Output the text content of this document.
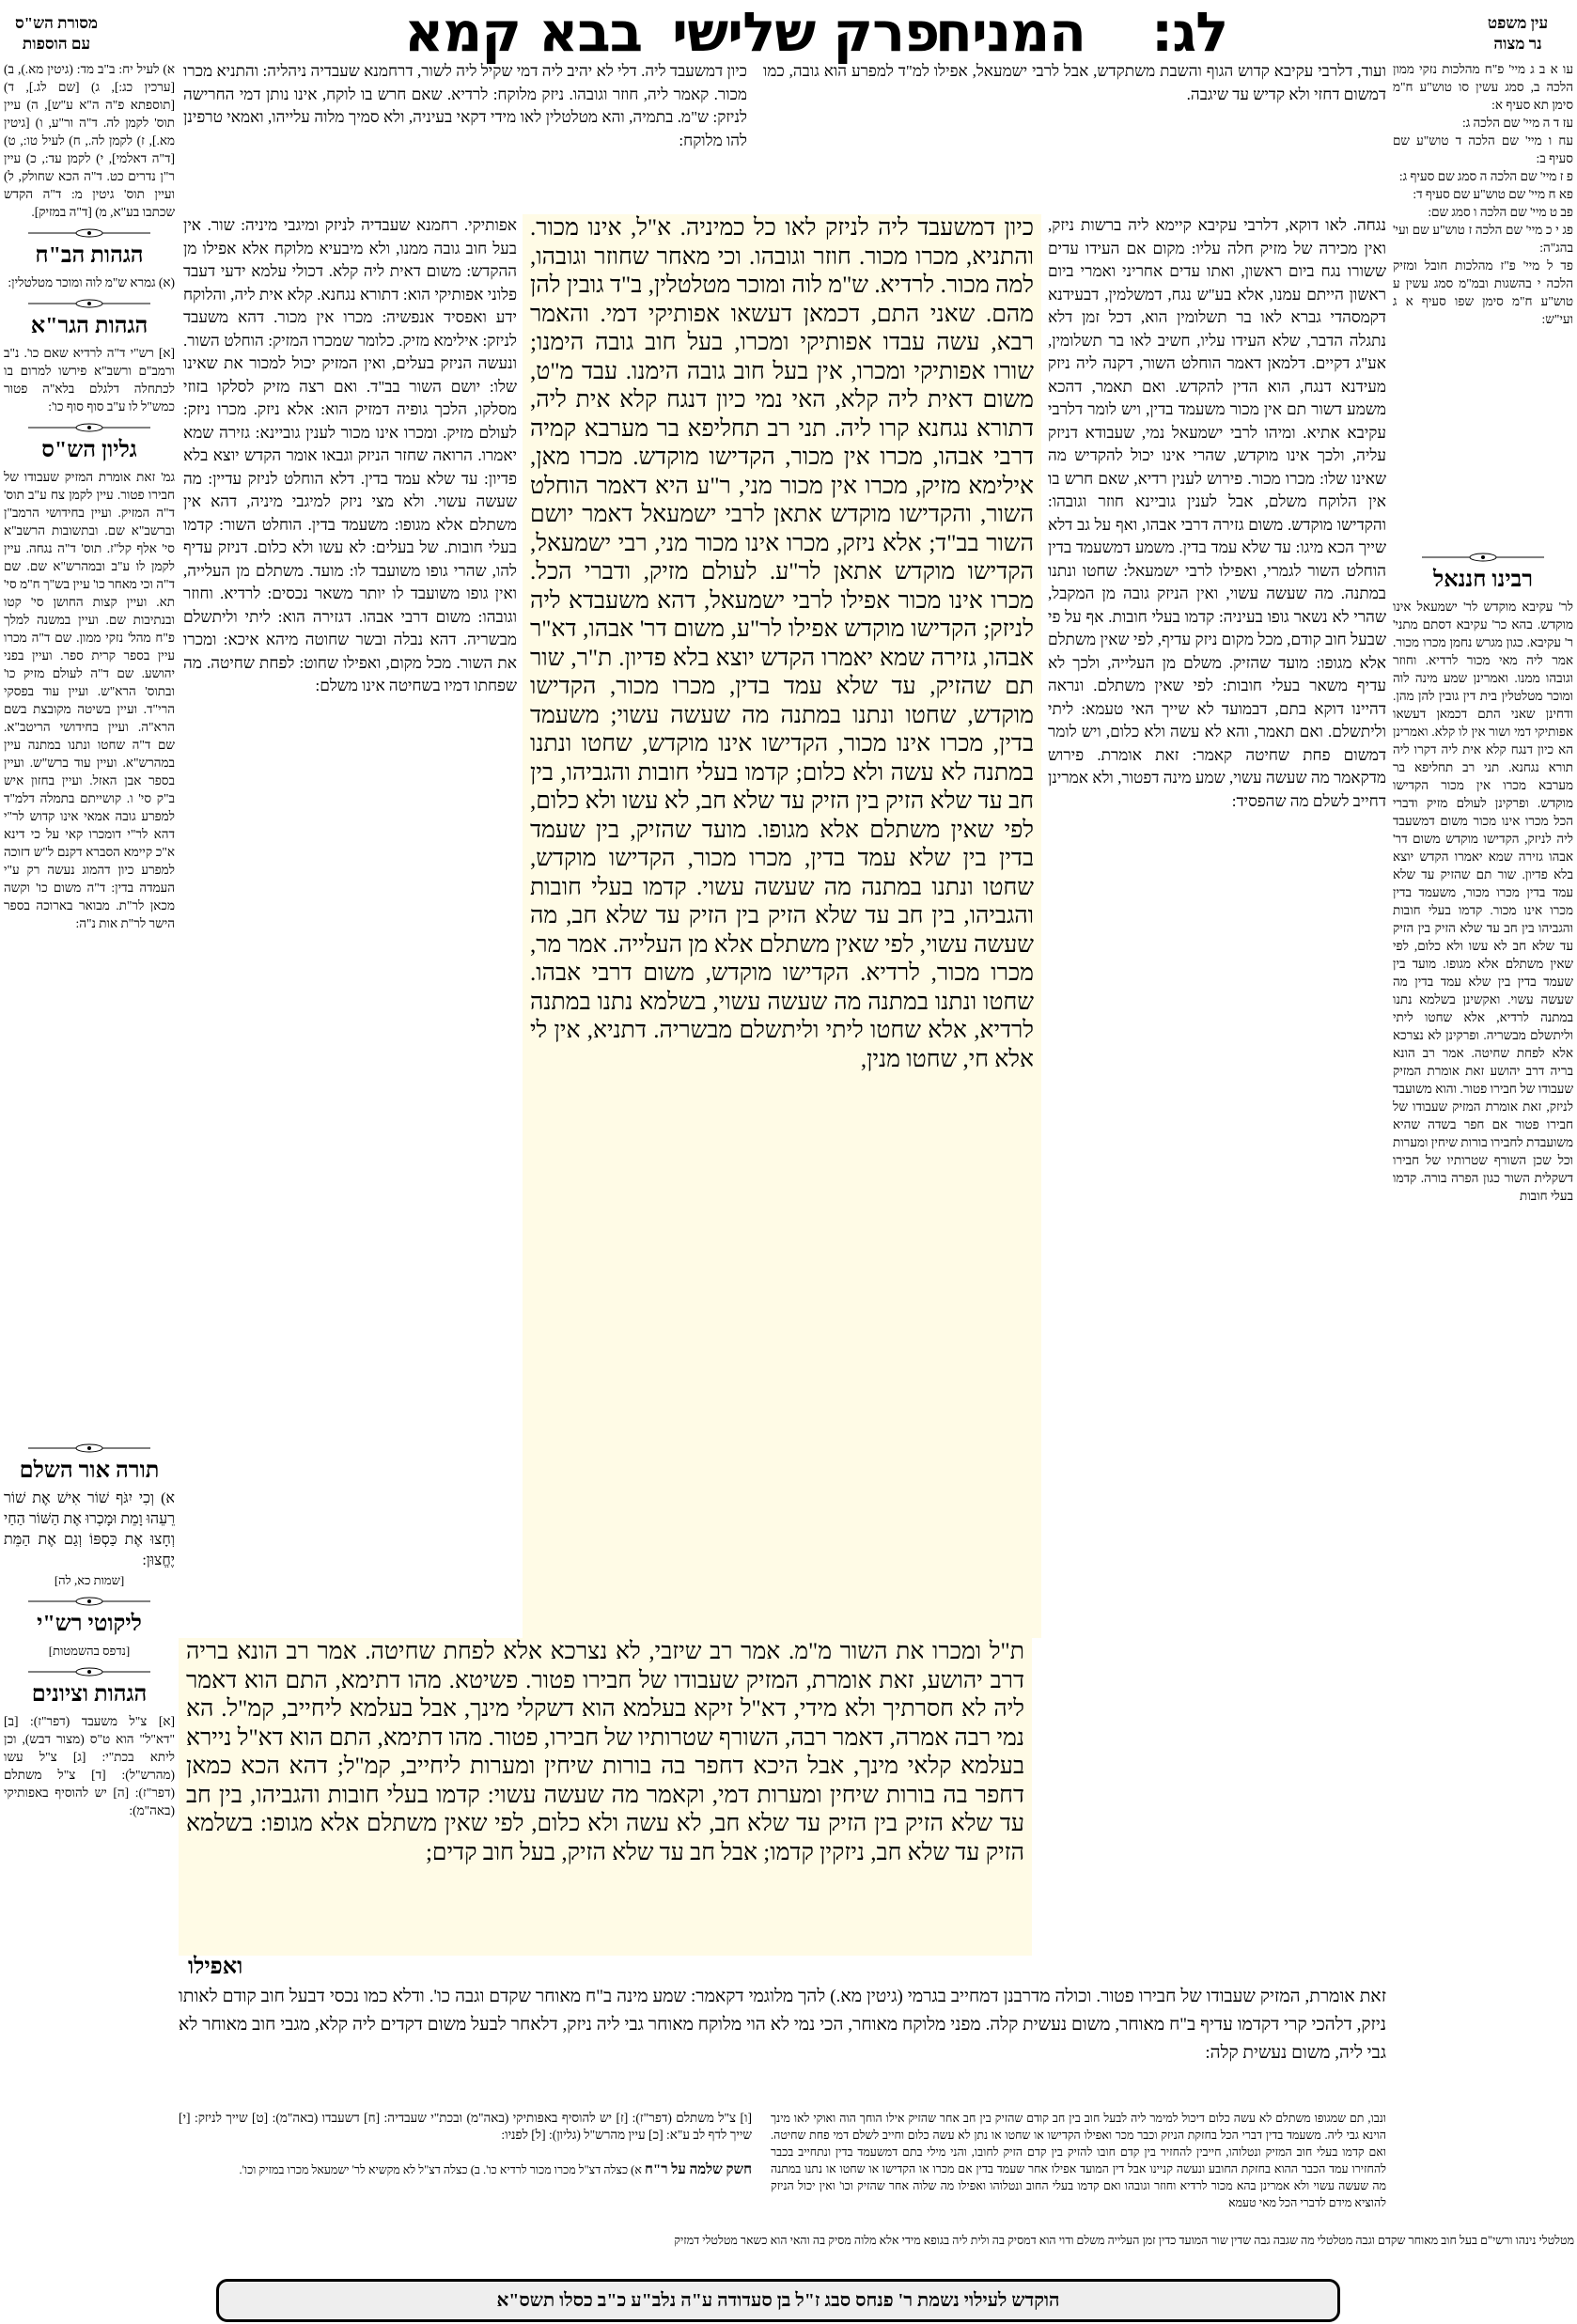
עין משפט
נר מצוה
לג:
המניח
פרק שלישי
בבא קמא
מסורת הש"ס
עם הוספות
כיון דמשעבד ליה. דלי לא יהיב ליה דמי שקיל ליה לשור, דרחמנא שעבדיה ניהליה: והתניא מכרו מכור. קאמר ליה, חוזר וגובהו. ניזק מלוקח: לרדיא. שאם חרש בו לוקח, אינו נותן דמי החרישה לניזק: ש"מ. בתמיה, והא מטלטלין לאו מידי דקאי בעיניה, ולא סמיך מלוה עלייהו, ואמאי טרפינן להו מלוקח:
ועוד, דלרבי עקיבא קדוש הגוף והשבת משתקדש, אבל לרבי ישמעאל, אפילו למ"ד למפרע הוא גובה, כמו דמשום דחזי ולא קדיש עד שיגבה.
אפותיקי. רחמנא שעבדיה לניזק ומיגבי מיניה: שור. אין בעל חוב גובה ממנו, ולא מיבעיא מלוקח אלא אפילו מן ההקדש: משום דאית ליה קלא. דכולי עלמא ידעי דעבד פלוני אפותיקי הוא: דתורא נגחנא. קלא אית ליה, והלוקח ידע ואפסיד אנפשיה: מכרו אין מכור. דהא משעבד לניזק: אילימא מזיק. כלומר שמכרו המזיק: הוחלט השור. ונעשה הניזק בעלים, ואין המזיק יכול למכור את שאינו שלו: יושם השור בב"ד. ואם רצה מזיק לסלקו בזוזי מסלקו, הלכך גופיה דמזיק הוא: אלא ניזק. מכרו ניזק: לעולם מזיק. ומכרו אינו מכור לענין גוביינא: גזירה שמא יאמרו. הרואה שחזר הניזק וגבאו אומר הקדש יוצא בלא פדיון: עד שלא עמד בדין. דלא הוחלט לניזק עדיין: מה שעשה עשוי. ולא מצי ניזק למיגבי מיניה, דהא אין משתלם אלא מגופו: משעמד בדין. הוחלט השור: קדמו בעלי חובות. של בעלים: לא עשו ולא כלום. דניזק עדיף להו, שהרי גופו משועבד לו: מועד. משתלם מן העלייה, ואין גופו משועבד לו יותר משאר נכסים: לרדיא. וחוזר וגובהו: משום דרבי אבהו. דגזירה הוא: ליתי וליתשלם מבשריה. דהא נבלה ובשר שחוטה מיהא איכא: ומכרו את השור. מכל מקום, ואפילו שחוט: לפחת שחיטה. מה שפחתו דמיו בשחיטה אינו משלם:
כיון דמשעבד ליה לניזק לאו כל כמיניה. א"ל, אינו מכור. והתניא, מכרו מכור. חוזר וגובהו. וכי מאחר שחוזר וגובהו, למה מכור. לרדיא. ש"מ לוה ומוכר מטלטלין, ב"ד גובין להן מהם. שאני התם, דכמאן דעשאו אפותיקי דמי. והאמר רבא, עשה עבדו אפותיקי ומכרו, בעל חוב גובה הימנו; שורו אפותיקי ומכרו, אין בעל חוב גובה הימנו. עבד מ"ט, משום דאית ליה קלא, האי נמי כיון דנגח קלא אית ליה, דתורא נגחנא קרו ליה. תני רב תחליפא בר מערבא קמיה דרבי אבהו, מכרו אין מכור, הקדישו מוקדש. מכרו מאן, אילימא מזיק, מכרו אין מכור מני, ר"ע היא דאמר הוחלט השור, והקדישו מוקדש אתאן לרבי ישמעאל דאמר יושם השור בב"ד; אלא ניזק, מכרו אינו מכור מני, רבי ישמעאל, הקדישו מוקדש אתאן לר"ע. לעולם מזיק, ודברי הכל. מכרו אינו מכור אפילו לרבי ישמעאל, דהא משעבדא ליה לניזק; הקדישו מוקדש אפילו לר"ע, משום דר' אבהו, דא"ר אבהו, גזירה שמא יאמרו הקדש יוצא בלא פדיון. ת"ר, שור תם שהזיק, עד שלא עמד בדין, מכרו מכור, הקדישו מוקדש, שחטו ונתנו במתנה מה שעשה עשוי; משעמד בדין, מכרו אינו מכור, הקדישו אינו מוקדש, שחטו ונתנו במתנה לא עשה ולא כלום; קדמו בעלי חובות והגביהו, בין חב עד שלא הזיק בין הזיק עד שלא חב, לא עשו ולא כלום, לפי שאין משתלם אלא מגופו. מועד שהזיק, בין שעמד בדין בין שלא עמד בדין, מכרו מכור, הקדישו מוקדש, שחטו ונתנו במתנה מה שעשה עשוי. קדמו בעלי חובות והגביהו, בין חב עד שלא הזיק בין הזיק עד שלא חב, מה שעשה עשוי, לפי שאין משתלם אלא מן העלייה. אמר מר, מכרו מכור, לרדיא. הקדישו מוקדש, משום דרבי אבהו. שחטו ונתנו במתנה מה שעשה עשוי, בשלמא נתנו במתנה לרדיא, אלא שחטו ליתי וליתשלם מבשריה. דתניא, אין לי אלא חי, שחטו מנין,
ת"ל ומכרו את השור מ"מ. אמר רב שיזבי, לא נצרכא אלא לפחת שחיטה. אמר רב הונא בריה דרב יהושע, זאת אומרת, המזיק שעבודו של חבירו פטור. פשיטא. מהו דתימא, התם הוא דאמר ליה לא חסרתיך ולא מידי, דא"ל זיקא בעלמא הוא דשקלי מינך, אבל בעלמא ליחייב, קמ"ל. הא נמי רבה אמרה, דאמר רבה, השורף שטרותיו של חבירו, פטור. מהו דתימא, התם הוא דא"ל ניירא בעלמא קלאי מינך, אבל היכא דחפר בה בורות שיחין ומערות ליחייב, קמ"ל; דהא הכא כמאן דחפר בה בורות שיחין ומערות דמי, וקאמר מה שעשה עשוי: קדמו בעלי חובות והגביהו, בין חב עד שלא הזיק בין הזיק עד שלא חב, לא עשה ולא כלום, לפי שאין משתלם אלא מגופו: בשלמא הזיק עד שלא חב, ניזקין קדמו; אבל חב עד שלא הזיק, בעל חוב קדים;
ואפילו
נגחה. לאו דוקא, דלרבי עקיבא קיימא ליה ברשות ניזק, ואין מכירה של מזיק חלה עליו: מקום אם העידו עדים ששורו נגח ביום ראשון, ואתו עדים אחריני ואמרי ביום ראשון הייתם עמנו, אלא בע"ש נגח, דמשלמין, דבעידנא דקמסהדי גברא לאו בר תשלומין הוא, דכל זמן דלא נתגלה הדבר, שלא העידו עליו, חשיב לאו בר תשלומין, אע"ג דקיים. דלמאן דאמר הוחלט השור, דקנה ליה ניזק מעידנא דנגח, הוא הדין להקדש. ואם תאמר, דהכא משמע דשור תם אין מכור משעמד בדין, ויש לומר דלרבי עקיבא אתיא. ומיהו לרבי ישמעאל נמי, שעבודא דניזק עליה, ולכך אינו מוקדש, שהרי אינו יכול להקדיש מה שאינו שלו: מכרו מכור. פירוש לענין רדיא, שאם חרש בו אין הלוקח משלם, אבל לענין גוביינא חוזר וגובהו: והקדישו מוקדש. משום גזירה דרבי אבהו, ואף על גב דלא שייך הכא מיגו: עד שלא עמד בדין. משמע דמשעמד בדין הוחלט השור לגמרי, ואפילו לרבי ישמעאל: שחטו ונתנו במתנה. מה שעשה עשוי, ואין הניזק גובה מן המקבל, שהרי לא נשאר גופו בעיניה: קדמו בעלי חובות. אף על פי שבעל חוב קודם, מכל מקום ניזק עדיף, לפי שאין משתלם אלא מגופו: מועד שהזיק. משלם מן העלייה, ולכך לא עדיף משאר בעלי חובות: לפי שאין משתלם. ונראה דהיינו דוקא בתם, דבמועד לא שייך האי טעמא: ליתי וליתשלם. ואם תאמר, והא לא עשה ולא כלום, ויש לומר דמשום פחת שחיטה קאמר: זאת אומרת. פירוש מדקאמר מה שעשה עשוי, שמע מינה דפטור, ולא אמרינן דחייב לשלם מה שהפסיד:
זאת אומרת, המזיק שעבודו של חבירו פטור. וכולה מדרבנן דמחייב בגרמי (גיטין מא.) להך מלוגמי דקאמר: שמע מינה ב"ח מאוחר שקדם וגבה כו'. ודלא כמו נכסי דבעל חוב קודם לאותו ניזק, דלהכי קרי דקדמו עדיף ב"ח מאוחר, משום נעשית קלה. מפני מלוקח מאוחר, הכי נמי לא הוי מלוקח מאוחר גבי ליה ניזק, דלאחר לבעל משום דקדים ליה קלא, מגבי חוב מאוחר לא גבי ליה, משום נעשית קלה:
עו א ב ג מיי' פ"ח מהלכות נזקי ממון הלכה ב, סמג עשין סו טוש"ע ח"מ סימן תא סעיף א:
עז ד ה מיי' שם הלכה ג:
עח ו מיי' שם הלכה ד טוש"ע שם סעיף ב:
פ ז מיי' שם הלכה ה סמג שם סעיף ג:
פא ח מיי' שם טוש"ע שם סעיף ד:
פב ט מיי' שם הלכה ו סמג שם:
פג י כ מיי' שם הלכה ז טוש"ע שם ועי' בהג"ה:
פד ל מיי' פ"ז מהלכות חובל ומזיק הלכה י בהשגות ובמ"מ סמג עשין ע טוש"ע ח"מ סימן שפו סעיף א ג ועי"ש:
רבינו חננאל
לר' עקיבא מוקדש לר' ישמעאל אינו מוקדש. בהא כר' עקיבא דסתם מתני' ר' עקיבא. כגון מגרש נחמן מכרו מכור. אמר ליה מאי מכור לרדיא. וחוזר וגובהו ממנו. ואמרינן שמע מינה לוה ומוכר מטלטלין בית דין גובין להן מהן. ודחינן שאני התם דכמאן דעשאו אפותיקי דמי ושור אין לו קלא. ואמרינן הא כיון דנגח קלא אית ליה דקרו ליה תורא נגחנא. תני רב תחליפא בר מערבא מכרו אין מכור הקדישו מוקדש. ופרקינן לעולם מזיק ודברי הכל מכרו אינו מכור משום דמשעבד ליה לניזק, הקדישו מוקדש משום דר' אבהו גזירה שמא יאמרו הקדש יוצא בלא פדיון. שור תם שהזיק עד שלא עמד בדין מכרו מכור, משעמד בדין מכרו אינו מכור. קדמו בעלי חובות והגביהו בין חב עד שלא הזיק בין הזיק עד שלא חב לא עשו ולא כלום, לפי שאין משתלם אלא מגופו. מועד בין שעמד בדין בין שלא עמד בדין מה שעשה עשוי. ואקשינן בשלמא נתנו במתנה לרדיא, אלא שחטו ליתי וליתשלם מבשריה. ופרקינן לא נצרכא אלא לפחת שחיטה. אמר רב הונא בריה דרב יהושע זאת אומרת המזיק שעבודו של חבירו פטור. והוא משועבד לניזק, זאת אומרת המזיק שעבודו של חבירו פטור אם חפר בשדה שהיא משועבדת לחבירו בורות שיחין ומערות וכל שכן השורף שטרותיו של חבירו דשקלית השור כגון הפרה בורה. קדמו בעלי חובות
א) לעיל יח: ב"ב מד: (גיטין מא.), ב) [ערכין כג:], ג) [שם לג.], ד) [תוספתא פ"ה ה"א ע"ש], ה) עיין תוס' לקמן לה. ד"ה ור"ע, ו) [גיטין מא.], ז) לקמן לה., ח) לעיל טו:, ט) [ד"ה דאלמי], י) לקמן עד:, כ) עיין ר"ן נדרים כט. ד"ה הכא שחולק, ל) ועיין תוס' גיטין מ: ד"ה הקדש שכתבו בע"א, מ) [ד"ה במזיק].
הגהות הב"ח
(א) גמרא ש"מ לוה ומוכר מטלטלין:
הגהות הגר"א
[א] רש"י ד"ה לרדיא שאם כו'. נ"ב ורמב"ם ורשב"א פירשו למרום בו לכתחלה דלגלם בלא"ה פטור כמש"ל לו ע"ב סוף סוף כו':
גליון הש"ס
גמ' זאת אומרת המזיק שעבודו של חבירו פטור. עיין לקמן צח ע"ב תוס' ד"ה המזיק. ועיין בחידושי הרמב"ן וברשב"א שם. ובתשובות הרשב"א סי' אלף קל"ז. תוס' ד"ה נגחה. עיין לקמן לו ע"ב ובמהרש"א שם. שם ד"ה וכי מאחר כו' עיין בש"ך ח"מ סי' תא. ועיין קצות החושן סי' קטו ובנתיבות שם. ועיין במשנה למלך פ"ח מהל' נזקי ממון. שם ד"ה מכרו עיין בספר קרית ספר. ועיין בפני יהושע. שם ד"ה לעולם מזיק כו' ובתוס' הרא"ש. ועיין עוד בפסקי הרי"ד. ועיין בשיטה מקובצת בשם הרא"ה. ועיין בחידושי הריטב"א. שם ד"ה שחטו ונתנו במתנה עיין במהרש"א. ועיין עוד ברש"ש. ועיין בספר אבן האזל. ועיין בחזון איש ב"ק סי' ו. קושייתם בתמלה דלמ"ד למפרע גובה אמאי אינו קדוש לר"י דהא לר"י דומכרו קאי על כי דינא א"כ קיימא הסברא דקנם ל"ש דזוכה למפרע כיון דהמוג נעשה רק ע"י העמדה בדין: ד"ה משום כו' וקשה מכאן לר"ת. מבואר בארוכה בספר הישר לר"ת אות נ"ה:
תורה אור השלם
א) וְכִי יִגֹּף שׁוֹר אִישׁ אֶת שׁוֹר רֵעֵהוּ וָמֵת וּמָכְרוּ אֶת הַשּׁוֹר הַחַי וְחָצוּ אֶת כַּסְפּוֹ וְגַם אֶת הַמֵּת יֶחֱצוּן:
[שמות כא, לה]
ליקוטי רש"י
[נדפס בהשמטות]
הגהות וציונים
[א] צ"ל משעבד (דפר"ז): [ב] "דא"ל" הוא ט"ס (מצור דבש), וכן ליתא בכת"י: [ג] צ"ל עשו (מהרש"ל): [ד] צ"ל משתלם (דפר"ז): [ה] יש להוסיף באפותיקי (באה"מ):
[ו] צ"ל משתלם (דפר"ז): [ז] יש להוסיף באפותיקי (באה"מ) ובכת"י שעבדיה: [ח] דשעבדו (באה"מ): [ט] שייך לניזק: [י] שייך לדף לב ע"א: [כ] עיין מהרש"ל (גליון): [ל] לפניו:
חשק שלמה על ר"ח א) כצלה דצ"ל מכרו מכור לרדיא כו'. ב) כצלה דצ"ל לא מקשיא לר' ישמעאל מכרו במזיק וכו'.
ונבו, תם שמגופו משתלם לא עשה כלום דיכול למימר ליה לבעל חוב בין חב קודם שהזיק בין חב אחר שהזיק אילו הוחך הוה ואוקי לאו מינך הוינא גבי ליה. משעמד בדין דברי הכל בחזקת הניזק וכבר מכר ואפילו הקדישו או שחטו או נתן לא עשה כלום וחייב לשלם דמי פחת שחיטה. ואם קדמו בעלי חוב המזיק ונטלוהו, חייבין להחזיר בין קדם חובו להזיק בין קדם הזיק לחובו, והני מילי בתם דמשעמד בדין ונתחייב בכבר להחזירו עמד הכבר ההוא בחזקת החובע ונעשה קניינו אבל דין המועד אפילו אחר שעמד בדין אם מכרו או הקדישו או שחטו או נתנו במתנה מה שעשה עשוי ולא אמרינן בהא מכור לרדיא וחוזר וגובהו ואם קדמו בעלי החוב ונטלוהו ואפילו מה שלוה אחר שהזיק וכו' ואין יכול הניזק להוציא מידם לדברי הכל מאי טעמא
מטלטלי נינהו ורשי"ם בעל חוב מאוחר שקדם וגבה מטלטלי מה שגבה גבה שדין שור המועד כדין זמן העלייה משלם ודוי הוא דמסיק בה ולית ליה בגופא מידי אלא מלוה מסיק בה והאי הוא כשאר מטלטלי דמזיק
הוקדש לעילוי נשמת ר' פנחס סבג ז"ל בן סעדודה ע"ה נלב"ע כ"ב כסלו תשס"א
